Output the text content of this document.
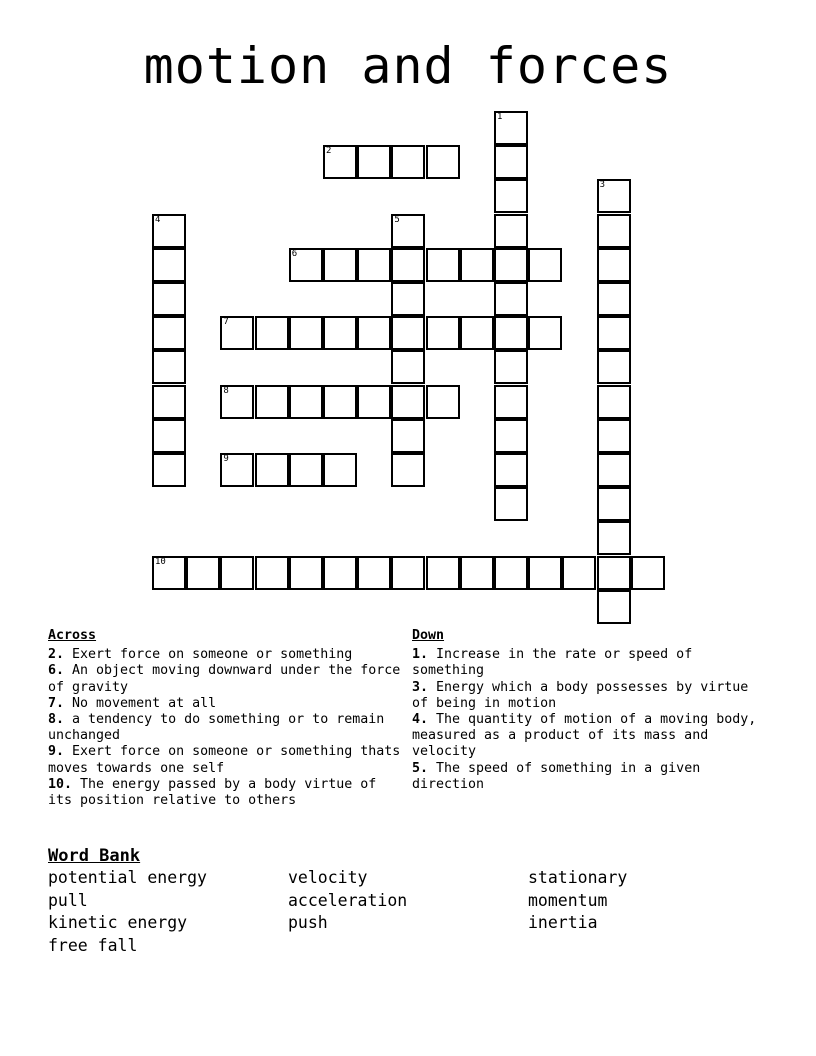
motion and forces
1
2
3
4	5
6
7
8
9
10
Across
2. Exert force on someone or something
6. An object moving downward under the force of gravity
7. No movement at all
8. a tendency to do something or to remain unchanged
9. Exert force on someone or something thats moves towards one self
10. The energy passed by a body virtue of its position relative to others
Down
1. Increase in the rate or speed of something
3. Energy which a body possesses by virtue of being in motion
4. The quantity of motion of a moving body, measured as a product of its mass and velocity
5. The speed of something in a given direction
Word Bank
potential energy	velocity	stationary
pull	acceleration	momentum
kinetic energy	push	inertia
free fall
